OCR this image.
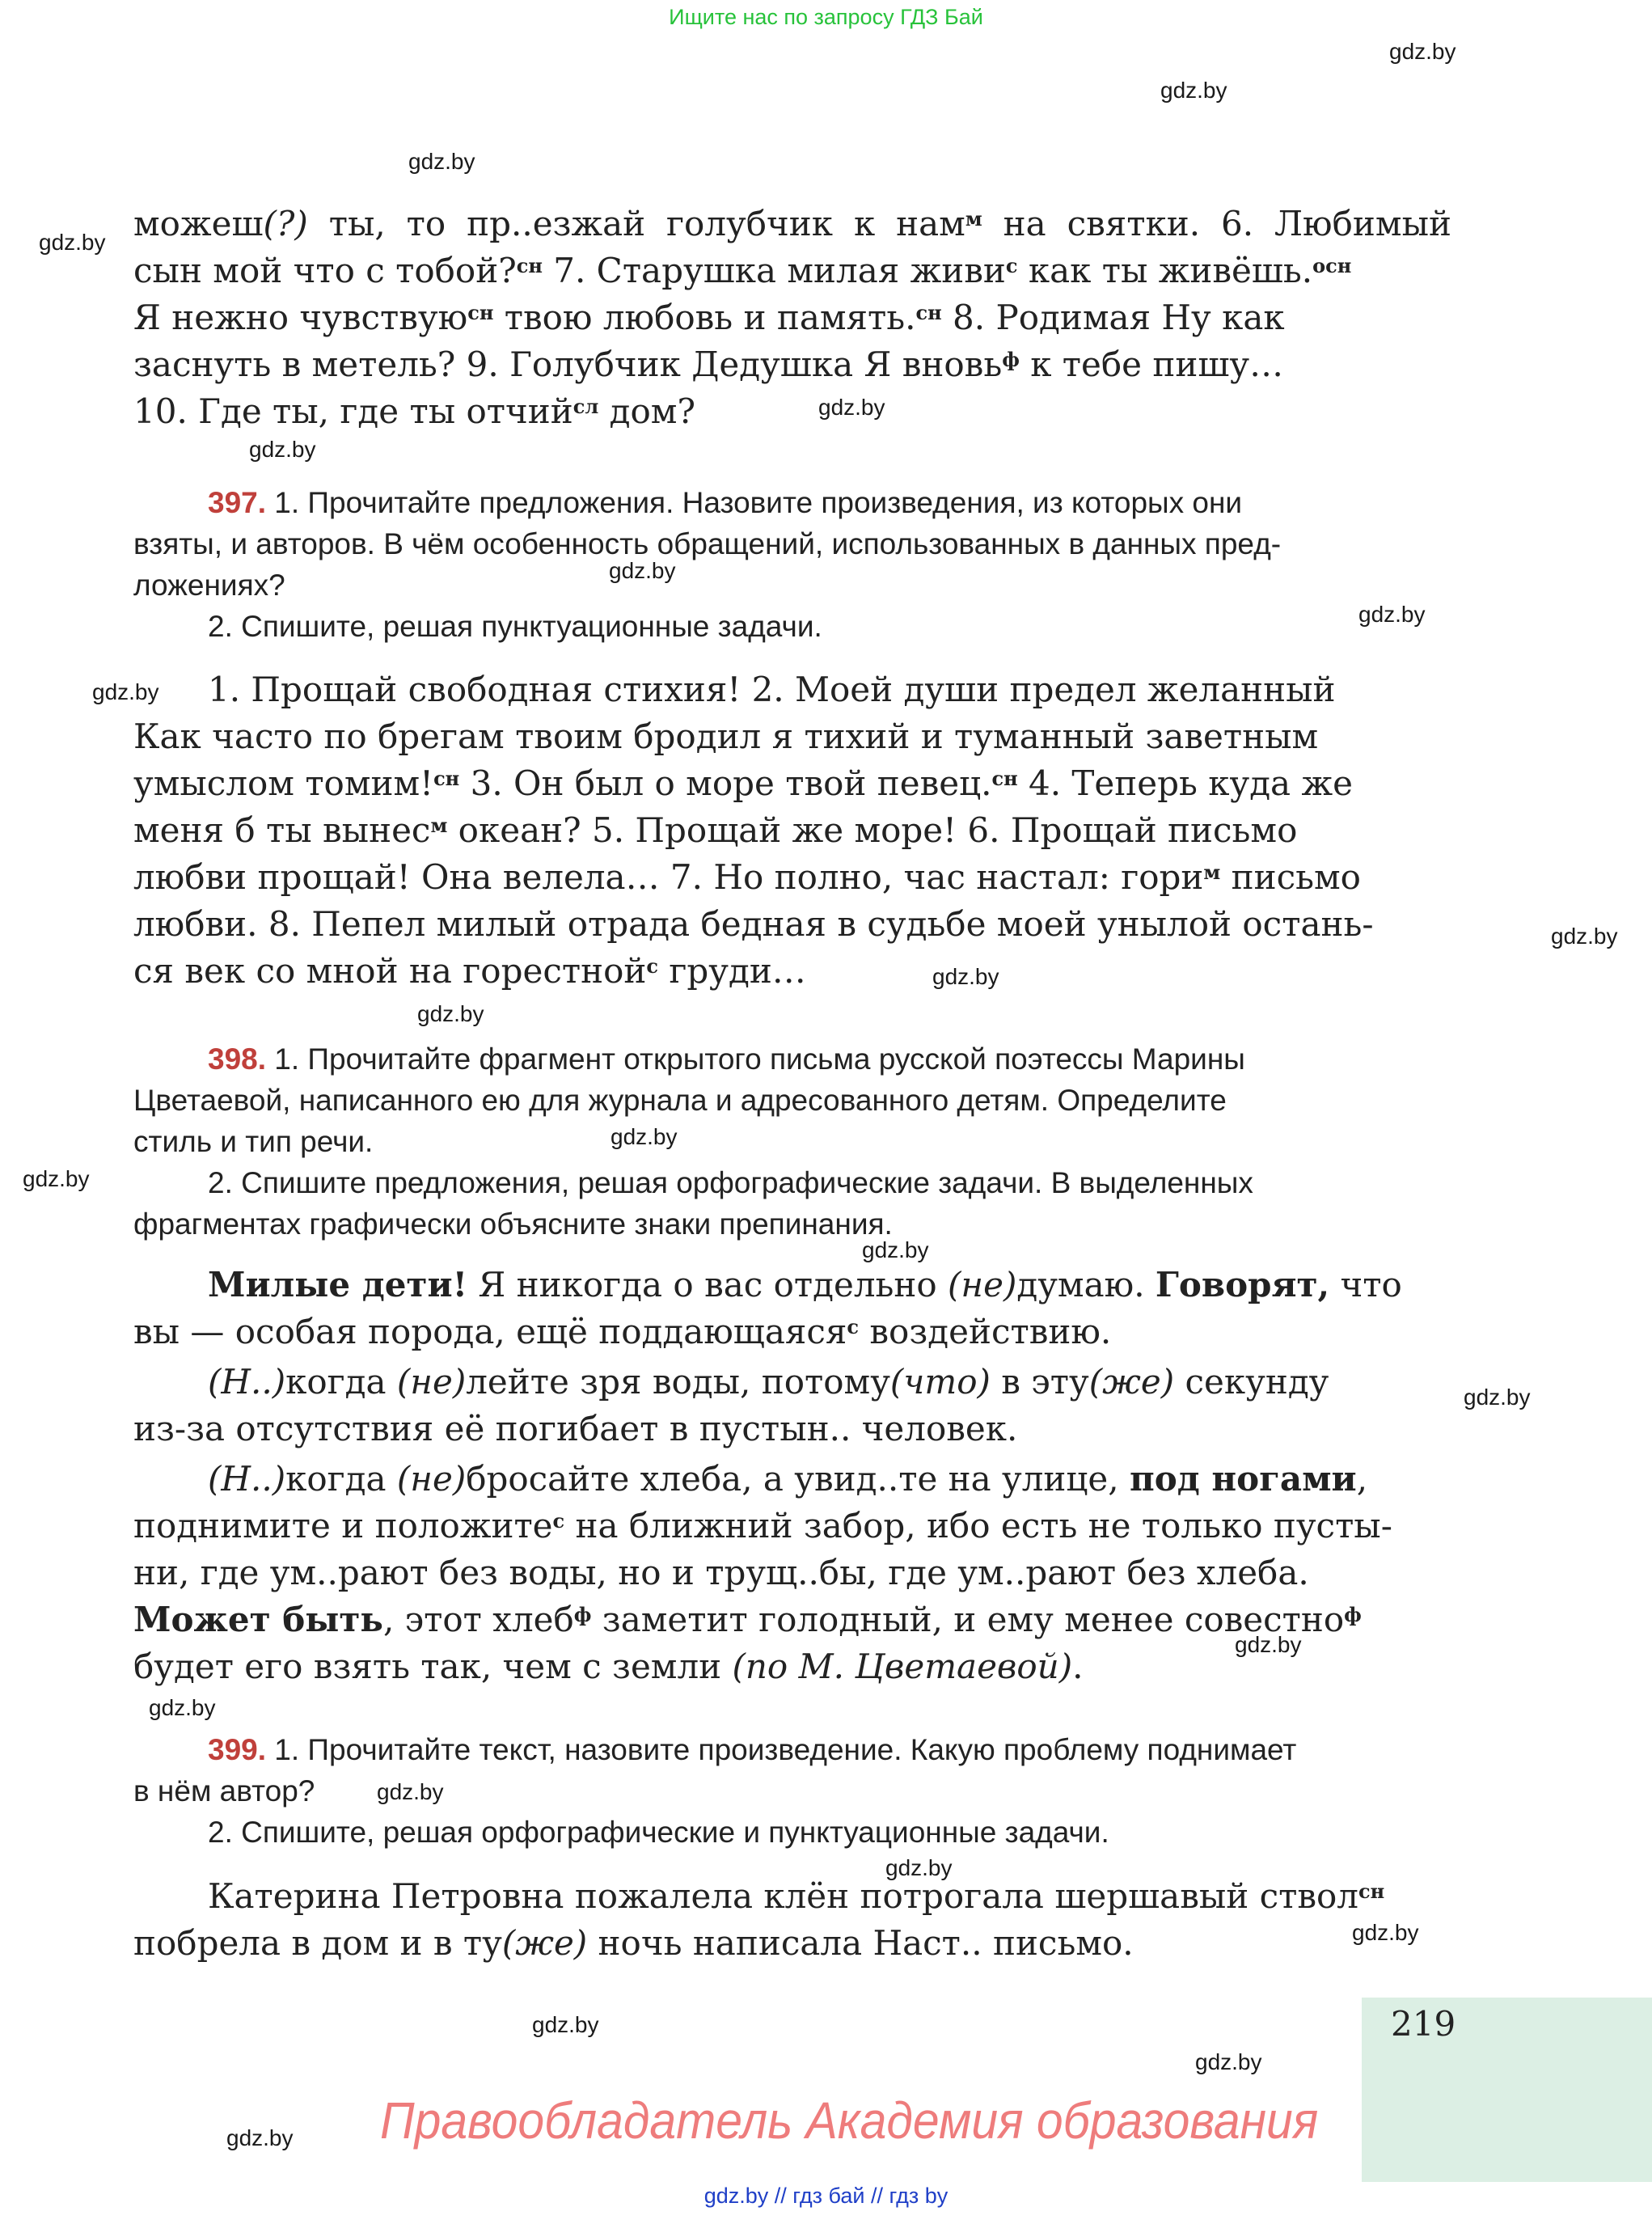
Ищите нас по запросу ГДЗ Бай
gdz.by
gdz.by
gdz.by
gdz.by
gdz.by
gdz.by
gdz.by
gdz.by
gdz.by
gdz.by
gdz.by
gdz.by
gdz.by
gdz.by
gdz.by
gdz.by
gdz.by
gdz.by
gdz.by
gdz.by
gdz.by
gdz.by
gdz.by
gdz.by
можеш(?) ты, то пр..езжай голубчик к нам$^м$ на святки. 6. Любимый
сын мой что с тобой?$^{сн}$ 7. Старушка милая живи$^с$ как ты живёшь.$^{осн}$
Я нежно чувствую$^{сн}$ твою любовь и память.$^{сн}$ 8. Родимая Ну как
заснуть в метель? 9. Голубчик Дедушка Я вновь$^ф$ к тебе пишу…
10. Где ты, где ты отчий$^{сл}$ дом?
397. 1. Прочитайте предложения. Назовите произведения, из которых они
взяты, и авторов. В чём особенность обращений, использованных в данных пред-
ложениях?
2. Спишите, решая пунктуационные задачи.
1. Прощай свободная стихия! 2. Моей души предел желанный
Как часто по брегам твоим бродил я тихий и туманный заветным
умыслом томим!$^{сн}$ 3. Он был о море твой певец.$^{сн}$ 4. Теперь куда же
меня б ты вынес$^м$ океан? 5. Прощай же море! 6. Прощай письмо
любви прощай! Она велела… 7. Но полно, час настал: гори$^м$ письмо
любви. 8. Пепел милый отрада бедная в судьбе моей унылой остань-
ся век со мной на горестной$^с$ груди…
398. 1. Прочитайте фрагмент открытого письма русской поэтессы Марины
Цветаевой, написанного ею для журнала и адресованного детям. Определите
стиль и тип речи.
2. Спишите предложения, решая орфографические задачи. В выделенных
фрагментах графически объясните знаки препинания.
Милые дети! Я никогда о вас отдельно (не)думаю. Говорят, что
вы — особая порода, ещё поддающаяся$^с$ воздействию.
(Н..)когда (не)лейте зря воды, потому(что) в эту(же) секунду
из-за отсутствия её погибает в пустын.. человек.
(Н..)когда (не)бросайте хлеба, а увид..те на улице, под ногами,
поднимите и положите$^с$ на ближний забор, ибо есть не только пусты-
ни, где ум..рают без воды, но и трущ..бы, где ум..рают без хлеба.
Может быть, этот хлеб$^ф$ заметит голодный, и ему менее совестно$^ф$
будет его взять так, чем с земли (по М. Цветаевой).
399. 1. Прочитайте текст, назовите произведение. Какую проблему поднимает
в нём автор?
2. Спишите, решая орфографические и пунктуационные задачи.
Катерина Петровна пожалела клён потрогала шершавый ствол$^{сн}$
побрела в дом и в ту(же) ночь написала Наст.. письмо.
219
Правообладатель Академия образования
gdz.by // гдз бай // гдз by
